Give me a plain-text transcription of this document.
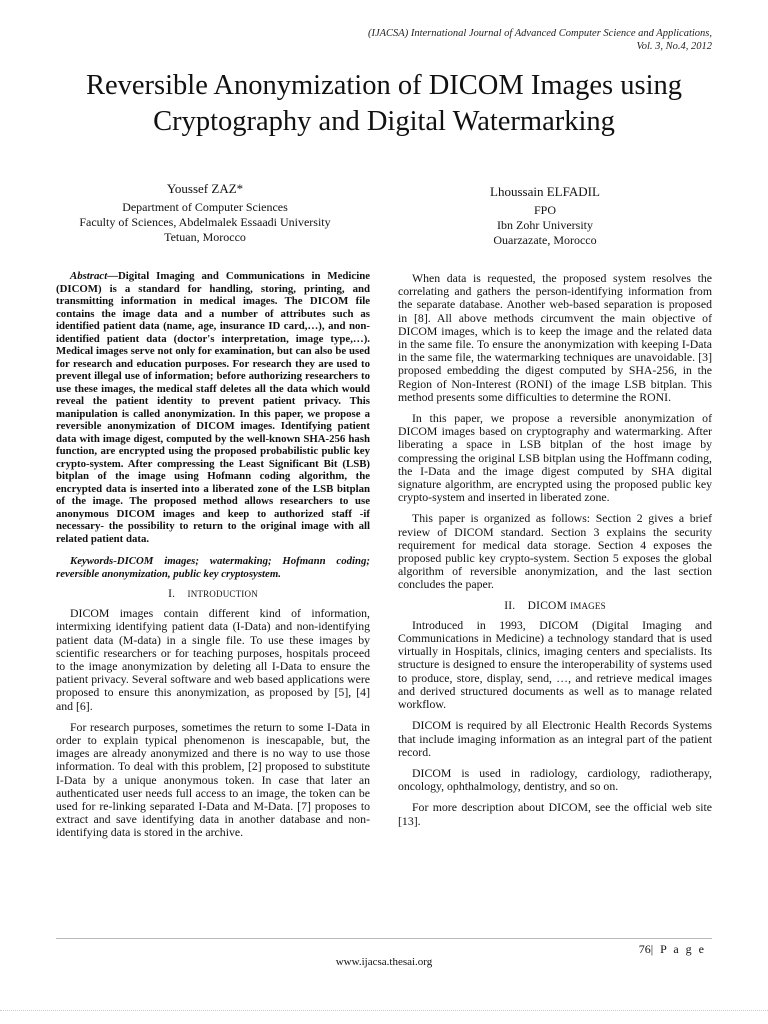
(IJACSA) International Journal of Advanced Computer Science and Applications,
Vol. 3, No.4, 2012
Reversible Anonymization of DICOM Images using
Cryptography and Digital Watermarking
Youssef ZAZ*
Department of Computer Sciences
Faculty of Sciences, Abdelmalek Essaadi University
Tetuan, Morocco
Lhoussain ELFADIL
FPO
Ibn Zohr University
Ouarzazate, Morocco

Abstract—Digital Imaging and Communications in Medicine (DICOM) is a standard for handling, storing, printing, and transmitting information in medical images. The DICOM file contains the image data and a number of attributes such as identified patient data (name, age, insurance ID card,…), and non-identified patient data (doctor's interpretation, image type,…). Medical images serve not only for examination, but can also be used for research and education purposes. For research they are used to prevent illegal use of information; before authorizing researchers to use these images, the medical staff deletes all the data which would reveal the patient identity to prevent patient privacy. This manipulation is called anonymization. In this paper, we propose a reversible anonymization of DICOM images. Identifying patient data with image digest, computed by the well-known SHA-256 hash function, are encrypted using the proposed probabilistic public key crypto-system. After compressing the Least Significant Bit (LSB) bitplan of the image using Hofmann coding algorithm, the encrypted data is inserted into a liberated zone of the LSB bitplan of the image. The proposed method allows researchers to use anonymous DICOM images and keep to authorized staff -if necessary- the possibility to return to the original image with all related patient data.

Keywords-DICOM images; watermaking; Hofmann coding; reversible anonymization, public key cryptosystem.

I. INTRODUCTION

DICOM images contain different kind of information, intermixing identifying patient data (I-Data) and non-identifying patient data (M-data) in a single file. To use these images by scientific researchers or for teaching purposes, hospitals proceed to the image anonymization by deleting all I-Data to ensure the patient privacy. Several software and web based applications were proposed to ensure this anonymization, as proposed by [5], [4] and [6].

For research purposes, sometimes the return to some I-Data in order to explain typical phenomenon is inescapable, but, the images are already anonymized and there is no way to use those information. To deal with this problem, [2] proposed to substitute I-Data by a unique anonymous token. In case that later an authenticated user needs full access to an image, the token can be used for re-linking separated I-Data and M-Data. [7] proposes to extract and save identifying data in another database and non-identifying data is stored in the archive.

When data is requested, the proposed system resolves the correlating and gathers the person-identifying information from the separate database. Another web-based separation is proposed in [8]. All above methods circumvent the main objective of DICOM images, which is to keep the image and the related data in the same file. To ensure the anonymization with keeping I-Data in the same file, the watermarking techniques are unavoidable. [3] proposed embedding the digest computed by SHA-256, in the Region of Non-Interest (RONI) of the image LSB bitplan. This method presents some difficulties to determine the RONI.

In this paper, we propose a reversible anonymization of DICOM images based on cryptography and watermarking. After liberating a space in LSB bitplan of the host image by compressing the original LSB bitplan using the Hoffmann coding, the I-Data and the image digest computed by SHA digital signature algorithm, are encrypted using the proposed public key crypto-system and inserted in liberated zone.

This paper is organized as follows: Section 2 gives a brief review of DICOM standard. Section 3 explains the security requirement for medical data storage. Section 4 exposes the proposed public key crypto-system. Section 5 exposes the global algorithm of reversible anonymization, and the last section concludes the paper.

II. DICOM IMAGES

Introduced in 1993, DICOM (Digital Imaging and Communications in Medicine) a technology standard that is used virtually in Hospitals, clinics, imaging centers and specialists. Its structure is designed to ensure the interoperability of systems used to produce, store, display, send, …, and retrieve medical images and derived structured documents as well as to manage related workflow.

DICOM is required by all Electronic Health Records Systems that include imaging information as an integral part of the patient record.

DICOM is used in radiology, cardiology, radiotherapy, oncology, ophthalmology, dentistry, and so on.

For more description about DICOM, see the official web site [13].

76| P a g e
www.ijacsa.thesai.org
